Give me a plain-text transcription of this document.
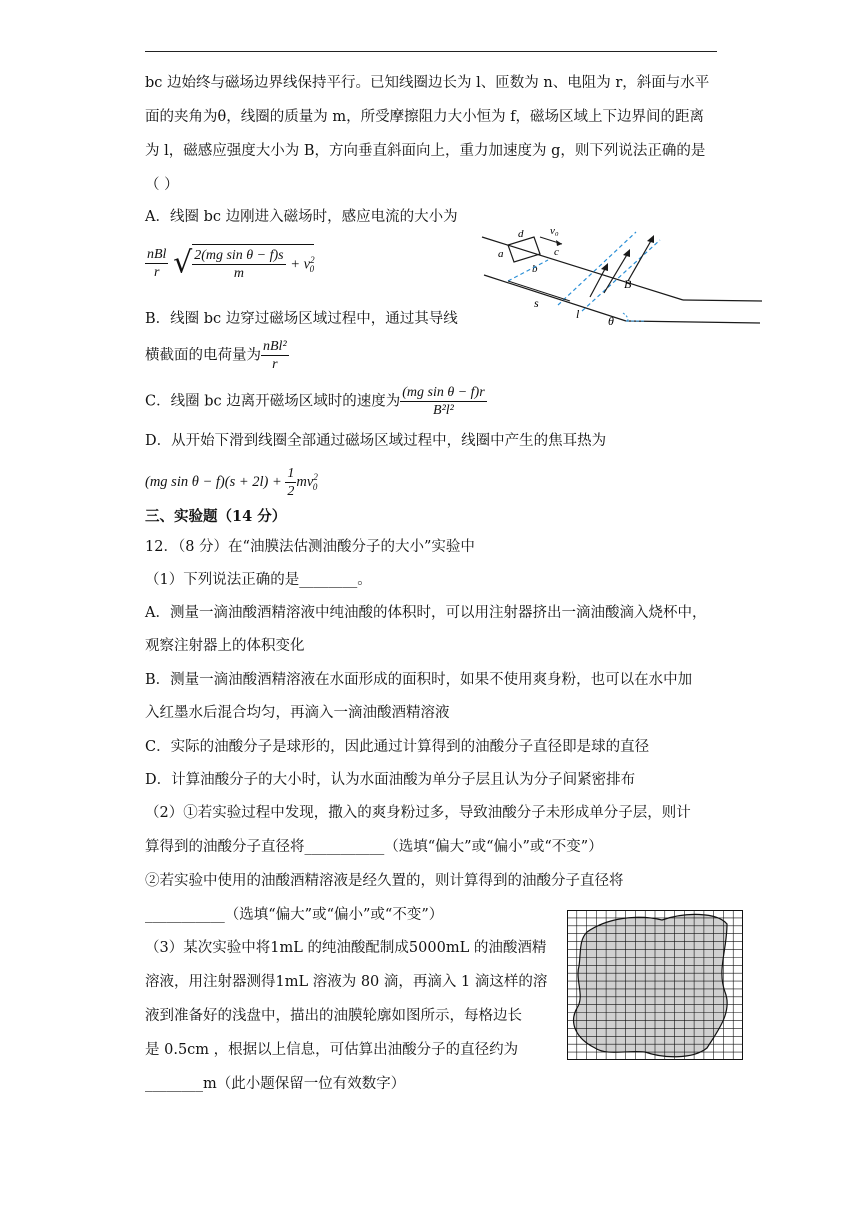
bc 边始终与磁场边界线保持平行。已知线圈边长为 l、匝数为 n、电阻为 r，斜面与水平
面的夹角为θ，线圈的质量为 m，所受摩擦阻力大小恒为 f，磁场区域上下边界间的距离
为 l，磁感应强度大小为 B，方向垂直斜面向上，重力加速度为 g，则下列说法正确的是
（ ）
A．线圈 bc 边刚进入磁场时，感应电流的大小为
$\frac{\text{nBl}}{r}$ √ $\frac{\text{2(mg sin θ − f)s}}{m} + v^2_0$
B．线圈 bc 边穿过磁场区域过程中，通过其导线
横截面的电荷量为 $\frac{\text{nBl²}}{r}$
C．线圈 bc 边离开磁场区域时的速度为 $\frac{\text{(mg sin θ − f)r}}{\text{B²l²}}$
D．从开始下滑到线圈全部通过磁场区域过程中，线圈中产生的焦耳热为
(mg $\sin \theta - f)(s + 2l) + \frac{1}{2} mv^2_0$
三、实验题（14 分）
12．（8 分）在“油膜法估测油酸分子的大小”实验中
（1）下列说法正确的是________。
A．测量一滴油酸酒精溶液中纯油酸的体积时，可以用注射器挤出一滴油酸滴入烧杯中，
观察注射器上的体积变化
B．测量一滴油酸酒精溶液在水面形成的面积时，如果不使用爽身粉，也可以在水中加
入红墨水后混合均匀，再滴入一滴油酸酒精溶液
C．实际的油酸分子是球形的，因此通过计算得到的油酸分子直径即是球的直径
D．计算油酸分子的大小时，认为水面油酸为单分子层且认为分子间紧密排布
（2）①若实验过程中发现，撒入的爽身粉过多，导致油酸分子未形成单分子层，则计
算得到的油酸分子直径将___________（选填“偏大”或“偏小”或“不变”）
②若实验中使用的油酸酒精溶液是经久置的，则计算得到的油酸分子直径将
___________（选填“偏大”或“偏小”或“不变”）
（3）某次实验中将1mL 的纯油酸配制成5000mL 的油酸酒精
溶液，用注射器测得1mL 溶液为 80 滴，再滴入 1 滴这样的溶
液到准备好的浅盘中，描出的油膜轮廓如图所示，每格边长
是 0.5cm ，根据以上信息，可估算出油酸分子的直径约为
________m（此小题保留一位有效数字）
d v₀
a
b
c
B
s
l θ
